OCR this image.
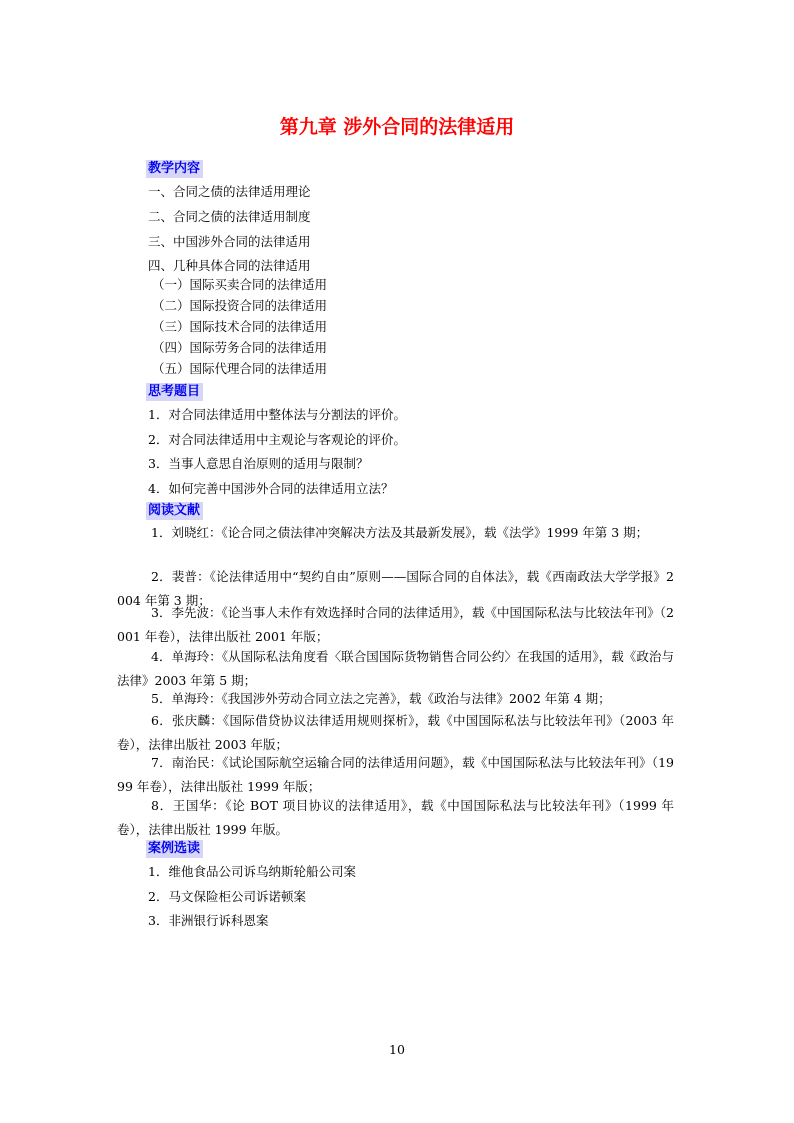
第九章 涉外合同的法律适用
教学内容
一、合同之债的法律适用理论
二、合同之债的法律适用制度
三、中国涉外合同的法律适用
四、几种具体合同的法律适用
（一）国际买卖合同的法律适用
（二）国际投资合同的法律适用
（三）国际技术合同的法律适用
（四）国际劳务合同的法律适用
（五）国际代理合同的法律适用
思考题目
1．对合同法律适用中整体法与分割法的评价。
2．对合同法律适用中主观论与客观论的评价。
3．当事人意思自治原则的适用与限制？
4．如何完善中国涉外合同的法律适用立法？
阅读文献
1．刘晓红：《论合同之债法律冲突解决方法及其最新发展》，载《法学》1999 年第 3 期；
2．裴普：《论法律适用中“契约自由”原则——国际合同的自体法》，载《西南政法大学学报》2004 年第 3 期；
3．李先波：《论当事人未作有效选择时合同的法律适用》，载《中国国际私法与比较法年刊》（2001 年卷），法律出版社 2001 年版；
4．单海玲：《从国际私法角度看〈联合国国际货物销售合同公约〉在我国的适用》，载《政治与法律》2003 年第 5 期；
5．单海玲：《我国涉外劳动合同立法之完善》，载《政治与法律》2002 年第 4 期；
6．张庆麟：《国际借贷协议法律适用规则探析》，载《中国国际私法与比较法年刊》（2003 年卷），法律出版社 2003 年版；
7．南治民：《试论国际航空运输合同的法律适用问题》，载《中国国际私法与比较法年刊》（1999 年卷），法律出版社 1999 年版；
8．王国华：《论 BOT 项目协议的法律适用》，载《中国国际私法与比较法年刊》（1999 年卷），法律出版社 1999 年版。
案例选读
1．维他食品公司诉乌纳斯轮船公司案
2．马文保险柜公司诉诺顿案
3．非洲银行诉科恩案
10
